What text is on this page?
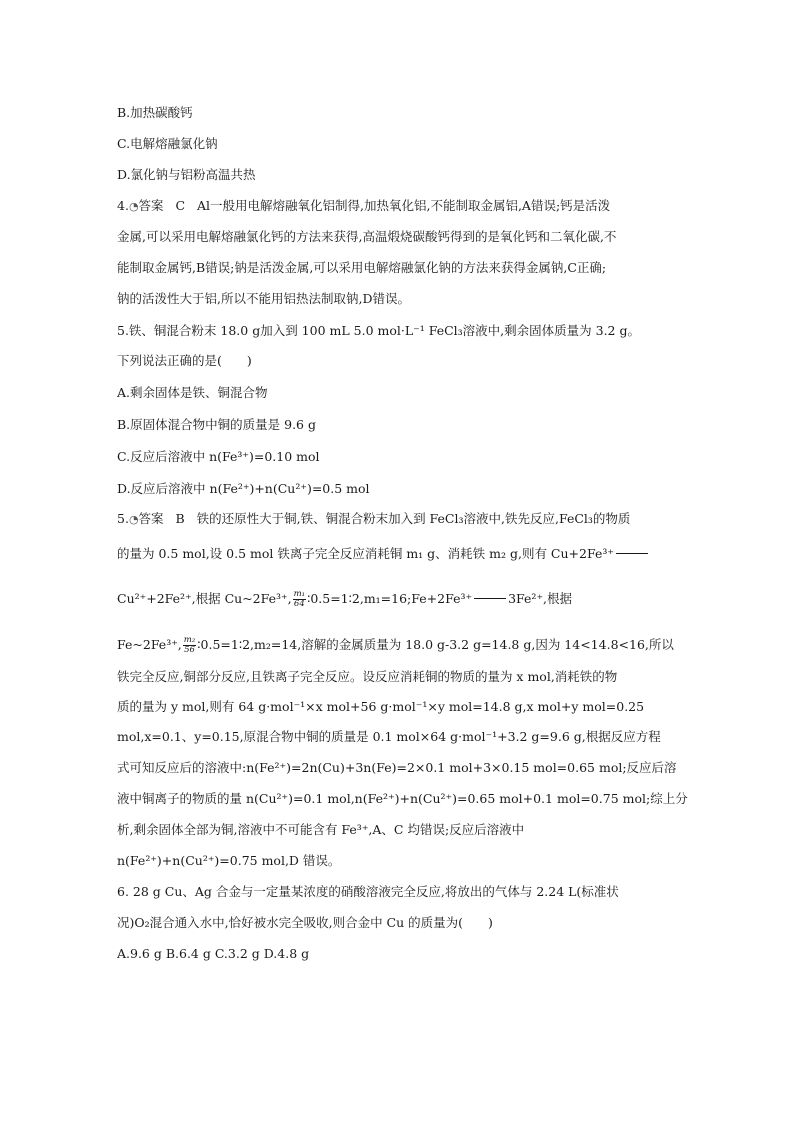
B.加热碳酸钙
C.电解熔融氯化钠
D.氯化钠与铝粉高温共热
4.◔答案 C Al一般用电解熔融氧化铝制得,加热氧化铝,不能制取金属铝,A错误;钙是活泼
金属,可以采用电解熔融氯化钙的方法来获得,高温煅烧碳酸钙得到的是氧化钙和二氧化碳,不
能制取金属钙,B错误;钠是活泼金属,可以采用电解熔融氯化钠的方法来获得金属钠,C正确;
钠的活泼性大于铝,所以不能用铝热法制取钠,D错误。
5.铁、铜混合粉末 18.0 g加入到 100 mL 5.0 mol·L⁻¹ FeCl₃溶液中,剩余固体质量为 3.2 g。
下列说法正确的是(　　)
A.剩余固体是铁、铜混合物
B.原固体混合物中铜的质量是 9.6 g
C.反应后溶液中 n(Fe³⁺)=0.10 mol
D.反应后溶液中 n(Fe²⁺)+n(Cu²⁺)=0.5 mol
5.◔答案 B 铁的还原性大于铜,铁、铜混合粉末加入到 FeCl₃溶液中,铁先反应,FeCl₃的物质
的量为 0.5 mol,设 0.5 mol 铁离子完全反应消耗铜 m₁ g、消耗铁 m₂ g,则有 Cu+2Fe³⁺
Cu²⁺+2Fe²⁺,根据 Cu~2Fe³⁺, $\frac{\text{m₁}}{64}$ ∶0.5=1∶2,m₁=16;Fe+2Fe³⁺	3Fe²⁺,根据
Fe~2Fe³⁺, $\frac{\text{m₂}}{56}$ ∶0.5=1∶2,m₂=14,溶解的金属质量为 18.0 g-3.2 g=14.8 g,因为 14<14.8<16,所以
铁完全反应,铜部分反应,且铁离子完全反应。设反应消耗铜的物质的量为 x mol,消耗铁的物
质的量为 y mol,则有 64 g·mol⁻¹×x mol+56 g·mol⁻¹×y mol=14.8 g,x mol+y mol=0.25
mol,x=0.1、y=0.15,原混合物中铜的质量是 0.1 mol×64 g·mol⁻¹+3.2 g=9.6 g,根据反应方程
式可知反应后的溶液中:n(Fe²⁺)=2n(Cu)+3n(Fe)=2×0.1 mol+3×0.15 mol=0.65 mol;反应后溶
液中铜离子的物质的量 n(Cu²⁺)=0.1 mol,n(Fe²⁺)+n(Cu²⁺)=0.65 mol+0.1 mol=0.75 mol;综上分
析,剩余固体全部为铜,溶液中不可能含有 Fe³⁺,A、C 均错误;反应后溶液中
n(Fe²⁺)+n(Cu²⁺)=0.75 mol,D 错误。
6. 28 g Cu、Ag 合金与一定量某浓度的硝酸溶液完全反应,将放出的气体与 2.24 L(标准状
况)O₂混合通入水中,恰好被水完全吸收,则合金中 Cu 的质量为(　　)
A.9.6 g B.6.4 g C.3.2 g D.4.8 g
